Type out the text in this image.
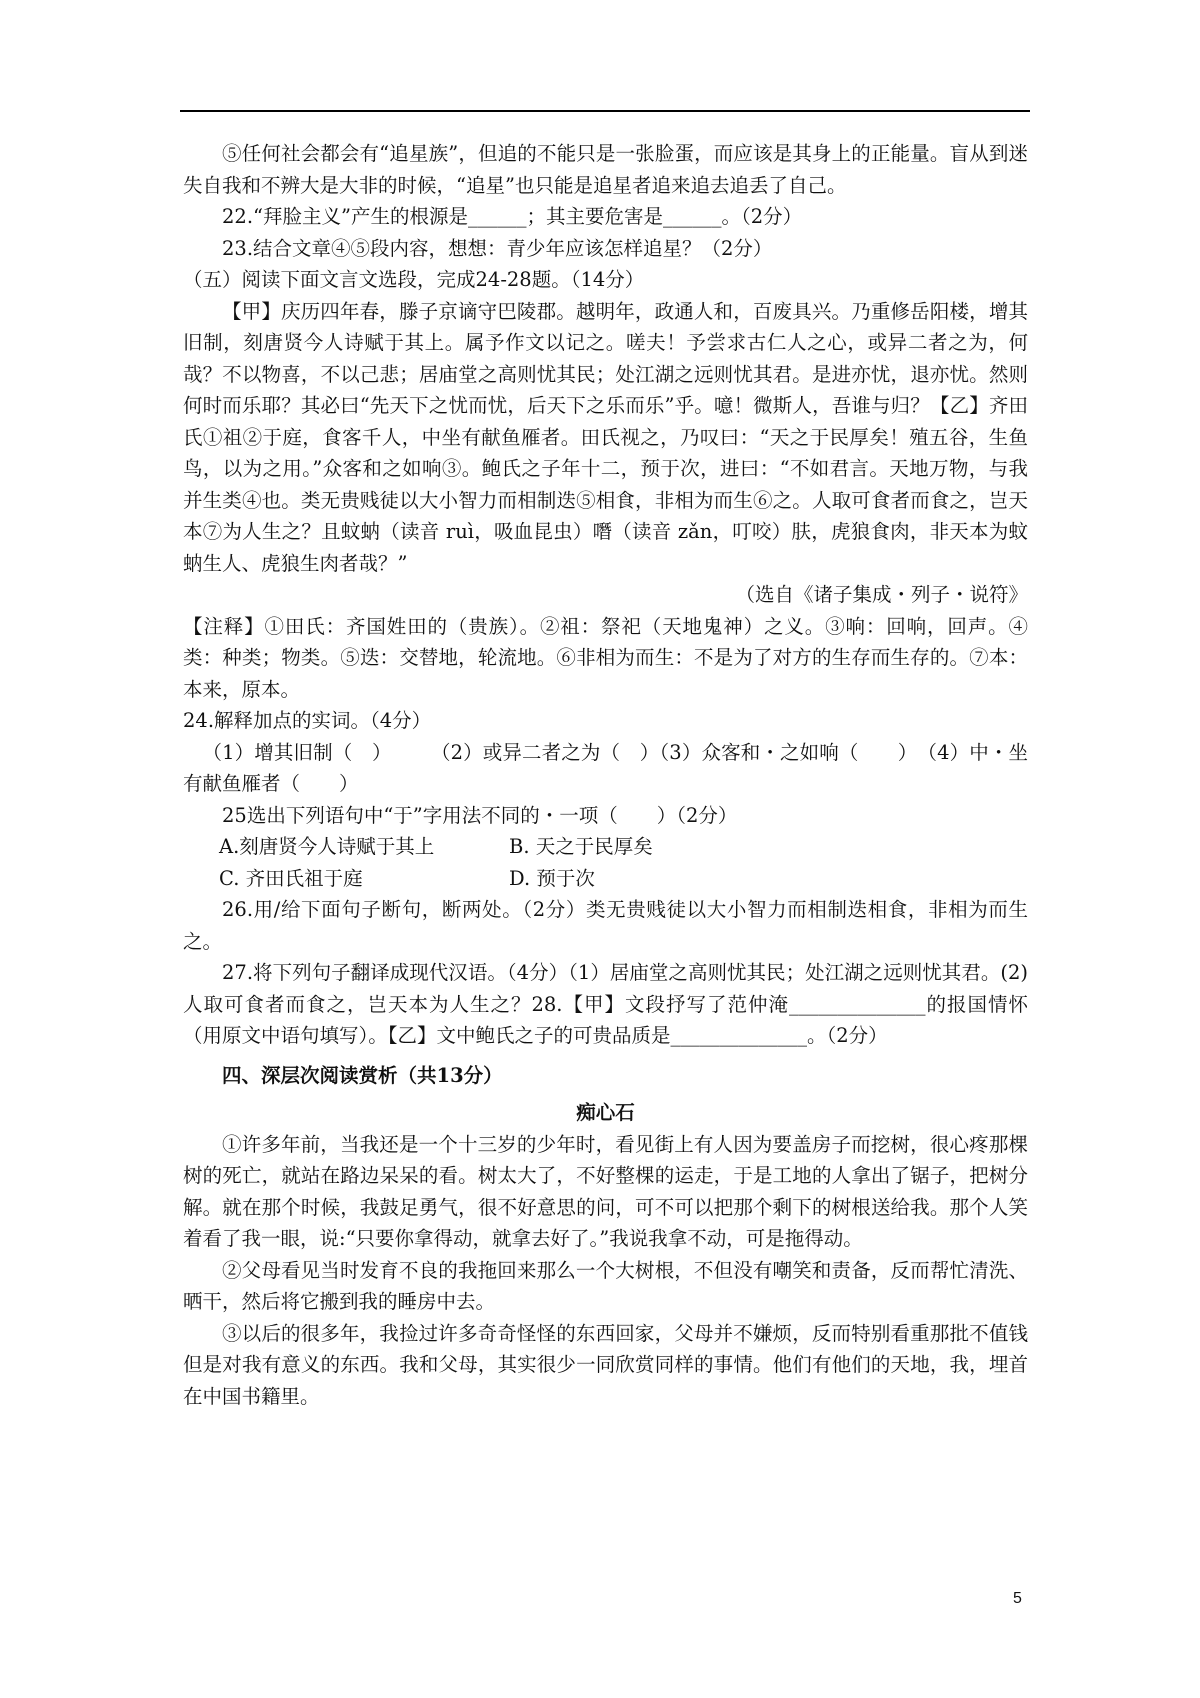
⑤任何社会都会有“追星族”，但追的不能只是一张脸蛋，而应该是其身上的正能量。盲从到迷失自我和不辨大是大非的时候，“追星”也只能是追星者追来追去追丢了自己。

22.“拜脸主义”产生的根源是______；其主要危害是______。（2分）

23.结合文章④⑤段内容，想想：青少年应该怎样追星？（2分）

（五）阅读下面文言文选段，完成24-28题。（14分）

【甲】庆历四年春，滕子京谪守巴陵郡。越明年，政通人和，百废具兴。乃重修岳阳楼，增其旧制，刻唐贤今人诗赋于其上。属予作文以记之。嗟夫！予尝求古仁人之心，或异二者之为，何哉？不以物喜，不以己悲；居庙堂之高则忧其民；处江湖之远则忧其君。是进亦忧，退亦忧。然则何时而乐耶？其必曰“先天下之忧而忧，后天下之乐而乐”乎。噫！微斯人，吾谁与归？【乙】齐田氏①祖②于庭，食客千人，中坐有献鱼雁者。田氏视之，乃叹曰：“天之于民厚矣！殖五谷，生鱼鸟，以为之用。”众客和之如响③。鲍氏之子年十二，预于次，进曰：“不如君言。天地万物，与我并生类④也。类无贵贱徒以大小智力而相制迭⑤相食，非相为而生⑥之。人取可食者而食之，岂天本⑦为人生之？且蚊蚋（读音 ruì，吸血昆虫）噆（读音 zǎn，叮咬）肤，虎狼食肉，非天本为蚊蚋生人、虎狼生肉者哉？”

（选自《诸子集成・列子・说符》

【注释】①田氏：齐国姓田的（贵族）。②祖：祭祀（天地鬼神）之义。③响：回响，回声。④类：种类；物类。⑤迭：交替地，轮流地。⑥非相为而生：不是为了对方的生存而生存的。⑦本：本来，原本。

24.解释加点的实词。（4分）

（1）增其旧制（　）　　　（2）或异二者之为（　）（3）众客和・之如响（　　）　（4）中・坐有献鱼雁者（　　）

25选出下列语句中“于”字用法不同的・一项（　　）（2分）

A.刻唐贤今人诗赋于其上	B. 天之于民厚矣
C. 齐田氏祖于庭	D. 预于次

26.用/给下面句子断句，断两处。（2分）类无贵贱徒以大小智力而相制迭相食，非相为而生之。

27.将下列句子翻译成现代汉语。（4分）（1）居庙堂之高则忧其民；处江湖之远则忧其君。(2)人取可食者而食之，岂天本为人生之？28.【甲】文段抒写了范仲淹______________的报国情怀（用原文中语句填写）。【乙】文中鲍氏之子的可贵品质是______________。（2分）

四、深层次阅读赏析（共13分）

痴心石

①许多年前，当我还是一个十三岁的少年时，看见街上有人因为要盖房子而挖树，很心疼那棵树的死亡，就站在路边呆呆的看。树太大了，不好整棵的运走，于是工地的人拿出了锯子，把树分解。就在那个时候，我鼓足勇气，很不好意思的问，可不可以把那个剩下的树根送给我。那个人笑着看了我一眼，说:“只要你拿得动，就拿去好了。”我说我拿不动，可是拖得动。

②父母看见当时发育不良的我拖回来那么一个大树根，不但没有嘲笑和责备，反而帮忙清洗、晒干，然后将它搬到我的睡房中去。

③以后的很多年，我捡过许多奇奇怪怪的东西回家，父母并不嫌烦，反而特别看重那批不值钱但是对我有意义的东西。我和父母，其实很少一同欣赏同样的事情。他们有他们的天地，我，埋首在中国书籍里。

5
